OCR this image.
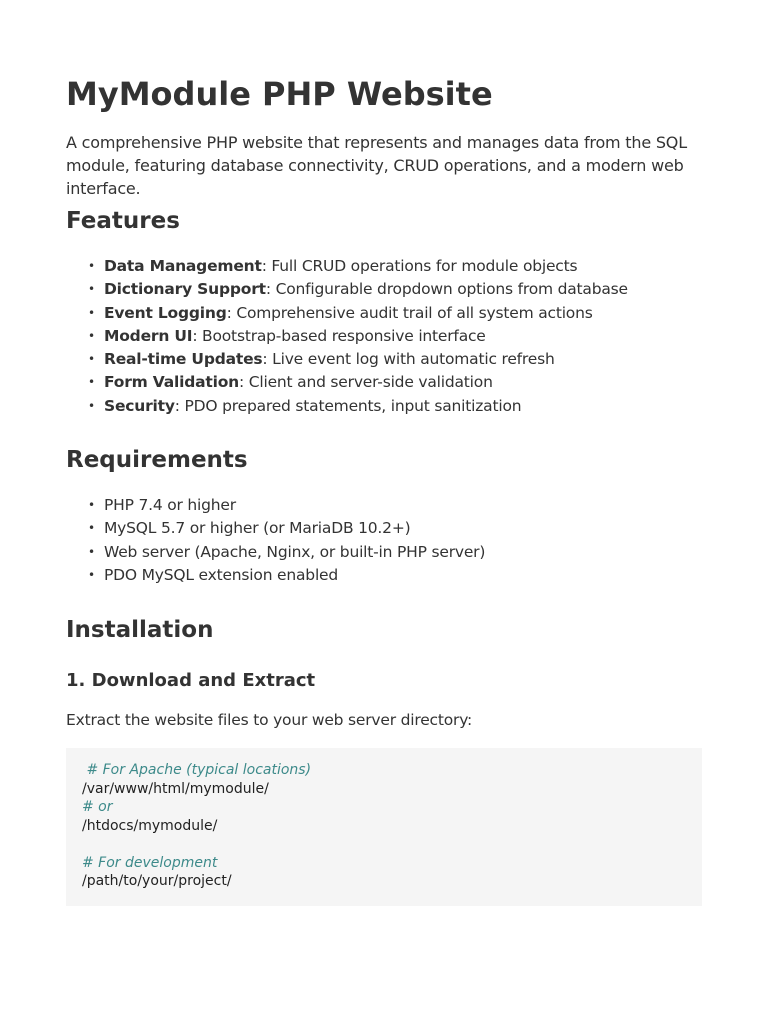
MyModule PHP Website

A comprehensive PHP website that represents and manages data from the SQL module, featuring database connectivity, CRUD operations, and a modern web interface.

Features
• Data Management: Full CRUD operations for module objects
• Dictionary Support: Configurable dropdown options from database
• Event Logging: Comprehensive audit trail of all system actions
• Modern UI: Bootstrap-based responsive interface
• Real-time Updates: Live event log with automatic refresh
• Form Validation: Client and server-side validation
• Security: PDO prepared statements, input sanitization
Requirements
• PHP 7.4 or higher
• MySQL 5.7 or higher (or MariaDB 10.2+)
• Web server (Apache, Nginx, or built-in PHP server)
• PDO MySQL extension enabled
Installation
1. Download and Extract

Extract the website files to your web server directory:

# For Apache (typical locations)
/var/www/html/mymodule/
# or
/htdocs/mymodule/
# For development
/path/to/your/project/
